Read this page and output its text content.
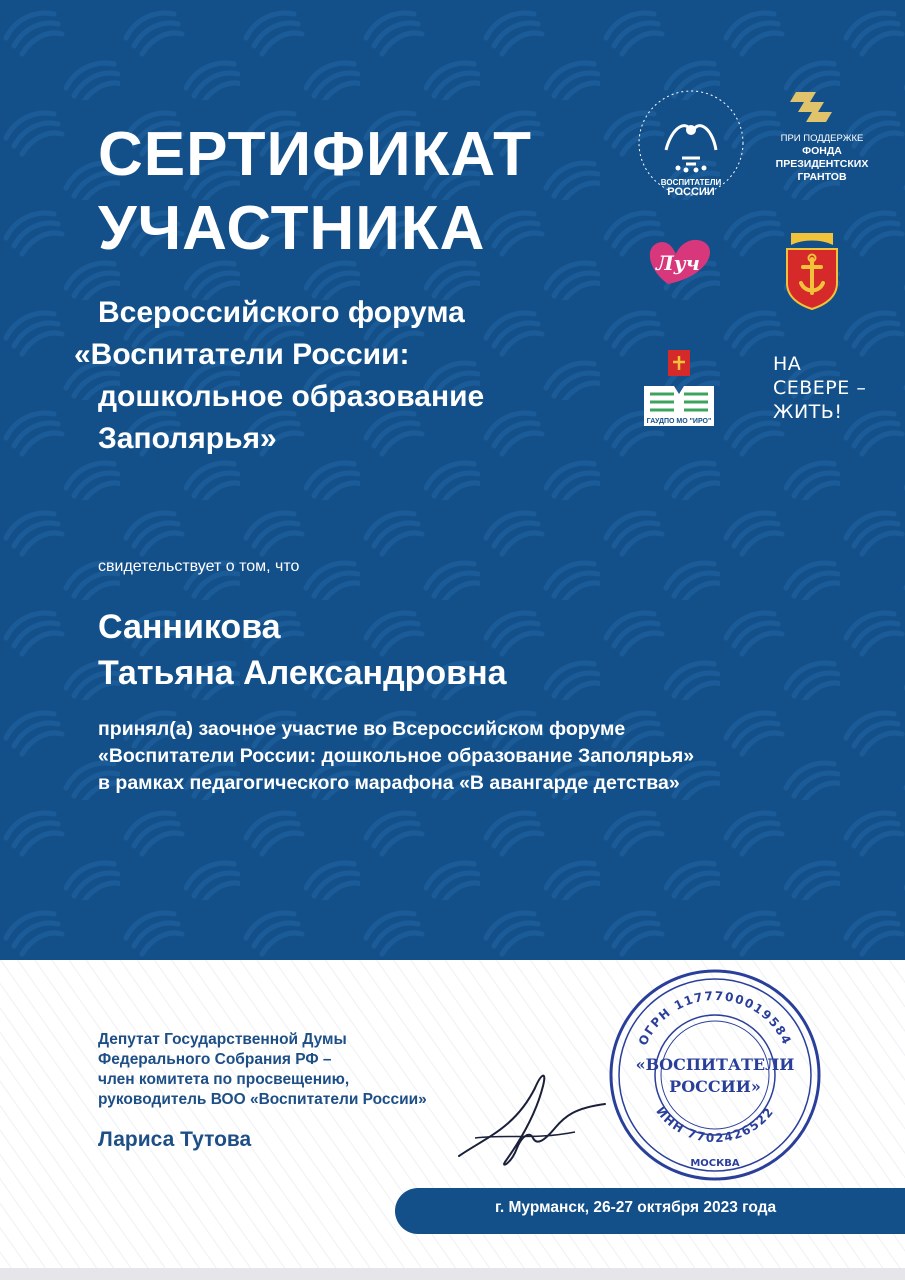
СЕРТИФИКАТ
УЧАСТНИКА
Всероссийского форума
«Воспитатели России:
дошкольное образование
Заполярья»

свидетельствует о том, что

Санникова
Татьяна Александровна
принял(а) заочное участие во Всероссийском форуме
«Воспитатели России: дошкольное образование Заполярья»
в рамках педагогического марафона «В авангарде детства»
ВОСПИТАТЕЛИ
РОССИИ
ПРИ ПОДДЕРЖКЕ
ФОНДА
ПРЕЗИДЕНТСКИХ
ГРАНТОВ
Луч
ГАУДПО МО "ИРО"
НА
СЕВЕРЕ –
ЖИТЬ!
Депутат Государственной Думы
Федерального Собрания РФ –
член комитета по просвещению,
руководитель ВОО «Воспитатели России»
Лариса Тутова
ОГРН 1177700019584
ИНН 7702426522
«ВОСПИТАТЕЛИ
РОССИИ»
МОСКВА
г. Мурманск, 26-27 октября 2023 года
